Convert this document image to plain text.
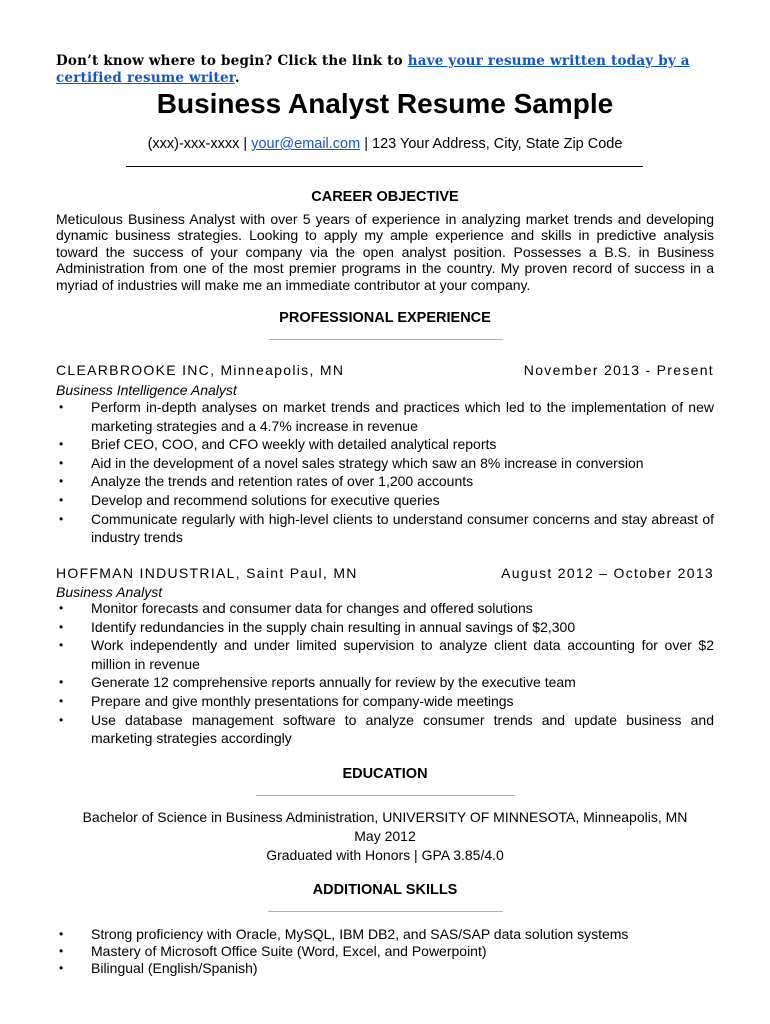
Don’t know where to begin? Click the link to have your resume written today by a certified resume writer.
Business Analyst Resume Sample
(xxx)-xxx-xxxx | your@email.com | 123 Your Address, City, State Zip Code
CAREER OBJECTIVE
Meticulous Business Analyst with over 5 years of experience in analyzing market trends and developing dynamic business strategies. Looking to apply my ample experience and skills in predictive analysis toward the success of your company via the open analyst position. Possesses a B.S. in Business Administration from one of the most premier programs in the country. My proven record of success in a myriad of industries will make me an immediate contributor at your company.
PROFESSIONAL EXPERIENCE
CLEARBROOKE INC, Minneapolis, MN	November 2013 - Present
Business Intelligence Analyst
• Perform in-depth analyses on market trends and practices which led to the implementation of new marketing strategies and a 4.7% increase in revenue
• Brief CEO, COO, and CFO weekly with detailed analytical reports
• Aid in the development of a novel sales strategy which saw an 8% increase in conversion
• Analyze the trends and retention rates of over 1,200 accounts
• Develop and recommend solutions for executive queries
• Communicate regularly with high-level clients to understand consumer concerns and stay abreast of industry trends
HOFFMAN INDUSTRIAL, Saint Paul, MN	August 2012 – October 2013
Business Analyst
• Monitor forecasts and consumer data for changes and offered solutions
• Identify redundancies in the supply chain resulting in annual savings of $2,300
• Work independently and under limited supervision to analyze client data accounting for over $2 million in revenue
• Generate 12 comprehensive reports annually for review by the executive team
• Prepare and give monthly presentations for company-wide meetings
• Use database management software to analyze consumer trends and update business and marketing strategies accordingly
EDUCATION
Bachelor of Science in Business Administration, UNIVERSITY OF MINNESOTA, Minneapolis, MN
May 2012
Graduated with Honors | GPA 3.85/4.0
ADDITIONAL SKILLS
• Strong proficiency with Oracle, MySQL, IBM DB2, and SAS/SAP data solution systems
• Mastery of Microsoft Office Suite (Word, Excel, and Powerpoint)
• Bilingual (English/Spanish)
